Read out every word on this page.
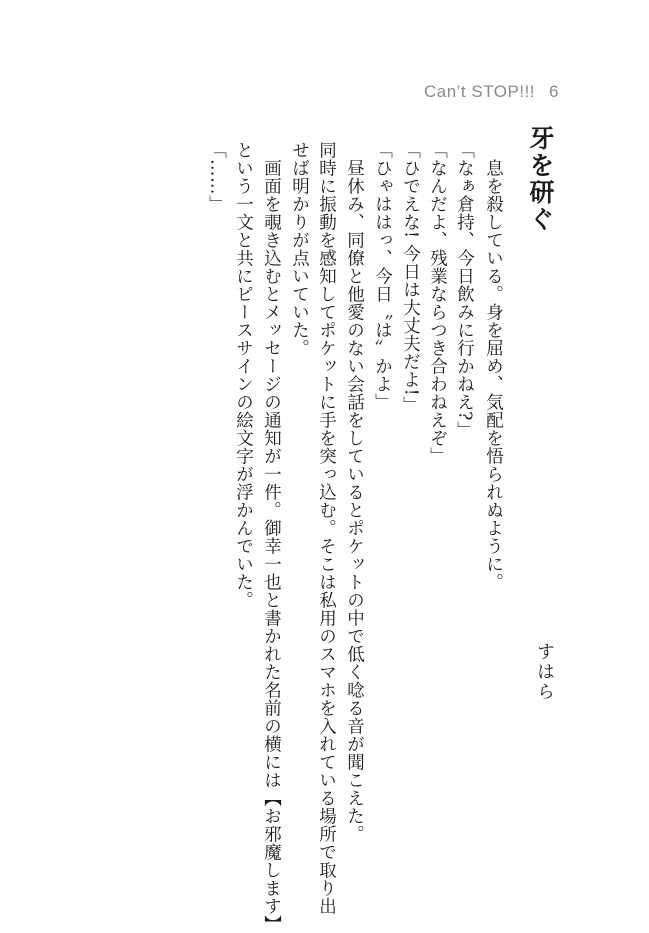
Can’t STOP!!! 6
牙を研ぐ
すはら
　息を殺している。身を屈め、気配を悟られぬように。
「なぁ倉持、今日飲みに行かねえ?」
「なんだよ、残業ならつき合わねえぞ」
「ひでえな! 今日は大丈夫だよ!」
「ひゃははっ、今日〝は〟かよ」
　昼休み、同僚と他愛のない会話をしているとポケットの中で低く唸る音が聞こえた。
同時に振動を感知してポケットに手を突っ込む。そこは私用のスマホを入れている場所で取り出
せば明かりが点いていた。
　画面を覗き込むとメッセージの通知が一件。御幸一也と書かれた名前の横には【お邪魔します】
という一文と共にピースサインの絵文字が浮かんでいた。
「……」
